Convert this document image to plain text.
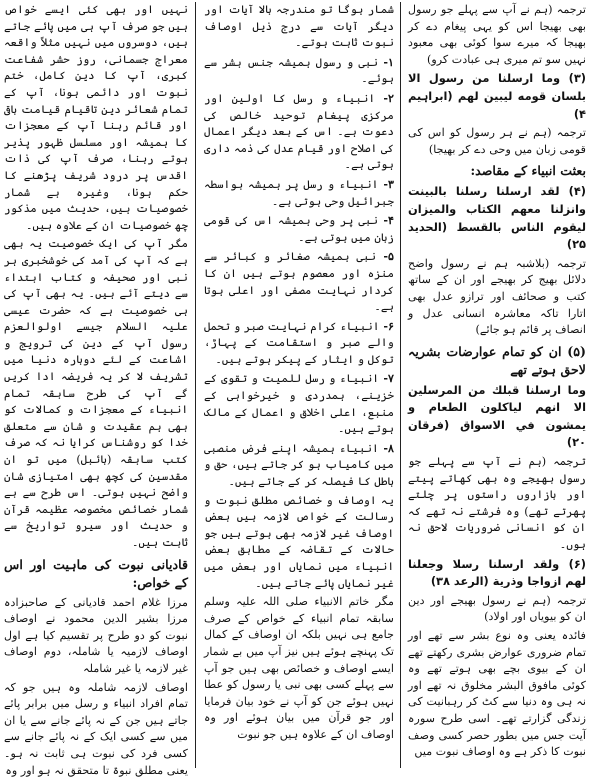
ترجمہ (ہم نے آپ سے پہلے جو رسول بھی بھیجا اس کو یہی پیغام دے کر بھیجا کہ میرے سوا کوئی بھی معبود نہیں سو تم میری ہی عبادت کرو)

(۳) وما ارسلنا من رسول الا بلسان قومه ليبين لهم (ابراہیم ۴)

ترجمہ (ہم نے ہر رسول کو اس کی قومی زبان میں وحی دے کر بھیجا)

بعثت انبیاء کے مقاصد:

(۴) لقد ارسلنا رسلنا بالبينت وانزلنا معهم الكتاب والميزان ليقوم الناس بالقسط (الحدید ۲۵)

ترجمہ (بلاشبہ ہم نے رسول واضح دلائل بھیج کر بھیجے اور ان کے ساتھ کتب و صحائف اور ترازو عدل بھی اتارا تاکہ معاشرہ انسانی عدل و انصاف پر قائم ہو جائے)

(۵) ان کو تمام عوارضات بشریہ لاحق ہوتے تھے

وما ارسلنا قبلك من المرسلين الا انهم لياكلون الطعام و يمشون في الاسواق (فرقان ۲۰)

ترجمہ (ہم نے آپ سے پہلے جو رسول بھیجے وہ بھی کھاتے پیتے اور بازاروں راستوں پر چلتے پھرتے تھے) وہ فرشتے نہ تھے کہ ان کو انسانی ضروریات لاحق نہ ہوں۔

(۶) ولقد ارسلنا رسلا وجعلنا لهم ازواجا وذرية (الرعد ۳۸)

ترجمہ (ہم نے رسول بھیجے اور دین ان کو بیویاں اور اولاد)

فائدہ یعنی وہ نوع بشر سے تھے اور تمام ضروری عوارض بشری رکھتے تھے ان کے بیوی بچے بھی ہوتے تھے وہ کوئی مافوق البشر مخلوق نہ تھے اور نہ ہی وہ دنیا سے کٹ کر رہبانیت کی زندگی گزارتے تھے۔ اسی طرح سورہ آیت جس میں بطور حصر کسی وصف نبوت کا ذکر ہے وہ اوصاف نبوت میں

شمار ہوگا تو مندرجہ بالا آیات اور دیگر آیات سے درج ذیل اوصاف نبوت ثابت ہوتے۔

۱- نبی و رسول ہمیشہ جنس بشر سے ہوئے۔

۲- انبیاء و رسل کا اولین اور مرکزی پیغام توحید خالص کی دعوت ہے۔ اس کے بعد دیگر اعمال کی اصلاح اور قیام عدل کی ذمہ داری ہوتی ہے۔

۳- انبیاء و رسل پر ہمیشہ بواسطہ جبرائیل وحی ہوتی ہے۔

۴- نبی پر وحی ہمیشہ اس کی قومی زبان میں ہوتی ہے۔

۵- نبی ہمیشہ صغائر و کبائر سے منزہ اور معصوم ہوتے ہیں ان کا کردار نہایت مصفی اور اعلی ہوتا ہے۔

۶- انبیاء کرام نہایت صبر و تحمل والے صبر و استقامت کے پہاڑ، توکل و ایثار کے پیکر ہوتے ہیں۔

۷- انبیاء و رسل للمیت و تقوی کے خزینے، ہمدردی و خیرخواہی کے منبع، اعلی اخلاق و اعمال کے مالک ہوتے ہیں۔

۸- انبیاء ہمیشہ اپنے فرض منصبی میں کامیاب ہو کر جاتے ہیں، حق و باطل کا فیصلہ کر کے جاتے ہیں۔

یہ اوصاف و خصائص مطلق نبوت و رسالت کے خواص لازمہ ہیں بعض اوصاف غیر لازمہ بھی ہوتے ہیں جو حالات کے تقاضہ کے مطابق بعض انبیاء میں نمایاں اور بعض میں غیر نمایاں پائے جاتے ہیں۔

مگر خاتم الانبیاء صلی اللہ علیہ وسلم سابقہ تمام انبیاء کے خواص کے صرف جامع ہی نہیں بلکہ ان اوصاف کے کمال تک پہنچے ہوئے ہیں نیز آپ میں بے شمار ایسے اوصاف و خصائص بھی ہیں جو آپ سے پہلے کسی بھی نبی یا رسول کو عطا نہیں ہوئے جن کو آپ نے خود بیان فرمایا اور جو قرآن میں بیان ہوئے اور وہ اوصاف ان کے علاوہ ہیں جو نبوت

نہیں اور بھی کئی ایسے خواص ہیں جو صرف آپ ہی میں پائے جاتے ہیں، دوسروں میں نہیں مثلاً واقعہ معراج جسمانی، روز حشر شفاعت کبری، آپ کا دین کامل، ختم نبوت اور دائمی ہونا، آپ کے تمام شعائر دین تاقیام قیامت باقی اور قائم رہنا آپ کے معجزات کا ہمیشہ اور مسلسل ظہور پذیر ہوتے رہنا، صرف آپ کی ذات اقدس پر درود شریف پڑھنے کا حکم ہونا، وغیرہ بے شمار خصوصیات ہیں، حدیث میں مذکور چھ خصوصیات ان کے علاوہ ہیں۔

مگر آپ کی ایک خصوصیت یہ بھی ہے کہ آپ کی آمد کی خوشخبری ہر نبی اور صحیفہ و کتاب ابتداء سے دیتے آئے ہیں۔ یہ بھی آپ کی ہی خصوصیت ہے کہ حضرت عیسی علیہ السلام جیسے اولوالعزم رسول آپ کے دین کی ترویج و اشاعت کے لئے دوبارہ دنیا میں تشریف لا کر یہ فریضہ ادا کریں گے آپ کی طرح سابقہ تمام انبیاء کے معجزات و کمالات کو بھی ہم عقیدت و شان سے متعلق خدا کو روشناس کرایا نہ کہ صرف کتب سابقہ (بائبل) میں تو ان مقدسین کی کچھ بھی امتیازی شان واضح نہیں ہوتی۔ اس طرح سے بے شمار خصائص مخصوصہ عظیمہ قرآن و حدیث اور سیرو تواریخ سے ثابت ہیں۔

قادیانی نبوت کی ماہیت اور اس کے خواص:

مرزا غلام احمد قادیانی کے صاحبزادہ مرزا بشیر الدین محمود نے اوصاف نبوت کو دو طرح پر تقسیم کیا ہے اول اوصاف لازمیہ یا شاملہ، دوم اوصاف غیر لازمہ یا غیر شاملہ

اوصاف لازمہ شاملہ وہ ہیں جو کہ تمام افراد انبیاء و رسل میں برابر پائے جاتے ہیں جن کے نہ پائے جانے سے یا ان میں سے کسی ایک کے نہ پائے جانے سے کسی فرد کی نبوت ہی ثابت نہ ہو۔ یعنی مطلق نبوۃ تا متحقق نہ ہو اور وہ
